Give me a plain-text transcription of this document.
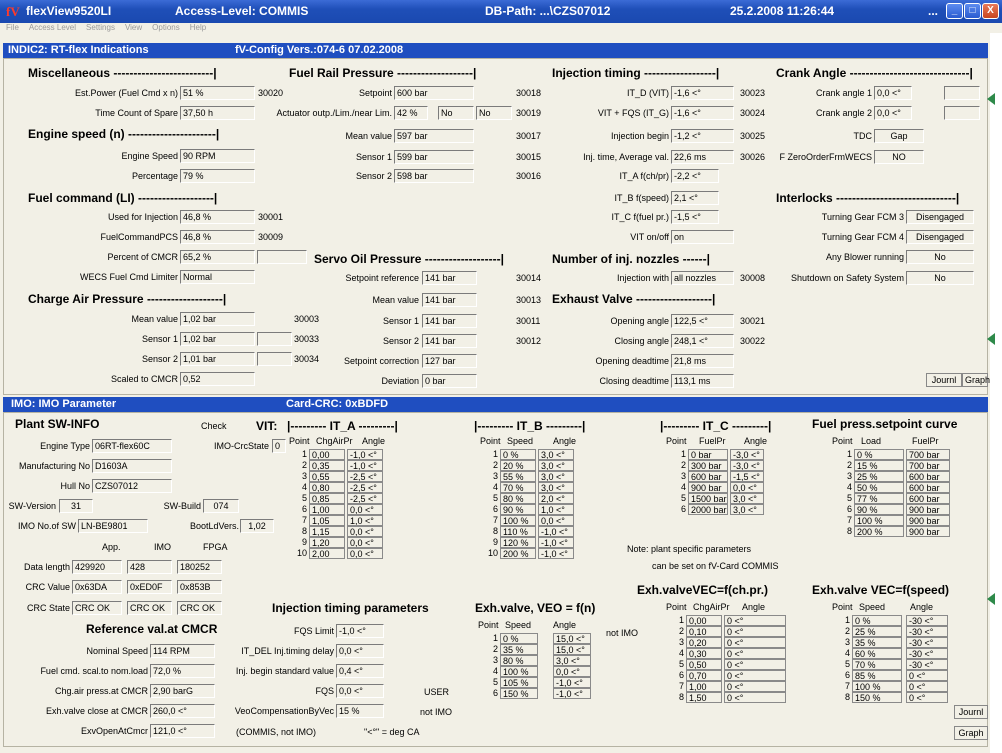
fV flexView9520LI	Access-Level: COMMIS	DB-Path: ...\CZS07012	25.2.2008 11:26:44	...	_	□	X
File Access Level Settings View Options Help
INDIC2: RT-flex Indications	fV-Config Vers.:074-6 07.02.2008
Miscellaneous -------------------------|
Est.Power (Fuel Cmd x n) 51 %	30020
Time Count of Spare 37,50 h
Engine speed (n) ----------------------|
Engine Speed 90 RPM
Percentage 79 %
Fuel command (LI) -------------------|
Used for Injection 46,8 %	30001
FuelCommandPCS 46,8 %	30009
Percent of CMCR 65,2 %
WECS Fuel Cmd Limiter Normal
Charge Air Pressure -------------------|
Mean value 1,02 bar	30003
Sensor 1 1,02 bar	30033
Sensor 2 1,01 bar	30034
Scaled to CMCR 0,52
Fuel Rail Pressure -------------------|
Setpoint 600 bar	30018
Actuator outp./Lim./near Lim. 42 %	No	No	30019
Mean value 597 bar	30017
Sensor 1 599 bar	30015
Sensor 2 598 bar	30016
Servo Oil Pressure -------------------|
Setpoint reference 141 bar	30014
Mean value 141 bar	30013
Sensor 1 141 bar	30011
Sensor 2 141 bar	30012
Setpoint correction 127 bar
Deviation 0 bar
Injection timing ------------------|
IT_D (VIT) -1,6 <°	30023
VIT + FQS (IT_G) -1,6 <°	30024
Injection begin -1,2 <°	30025
Inj. time, Average val. 22,6 ms	30026
IT_A f(ch/pr) -2,2 <°
IT_B f(speed) 2,1 <°
IT_C f(fuel pr.) -1,5 <°
VIT on/off on
Number of inj. nozzles ------|
Injection with all nozzles	30008
Exhaust Valve -------------------|
Opening angle 122,5 <°	30021
Closing angle 248,1 <°	30022
Opening deadtime 21,8 ms
Closing deadtime 113,1 ms
Crank Angle ------------------------------|
Crank angle 1 0,0 <°
Crank angle 2 0,0 <°
TDC	Gap
F ZeroOrderFrmWECS	NO
Interlocks ------------------------------|
Turning Gear FCM 3	Disengaged
Turning Gear FCM 4	Disengaged
Any Blower running	No
Shutdown on Safety System	No
Journl Graph
IMO: IMO Parameter	Card-CRC: 0xBDFD
Plant SW-INFO	Check
Engine Type 06RT-flex60C	IMO-CrcState 0
Manufacturing No D1603A
Hull No CZS07012
SW-Version	31	SW-Build	074
IMO No.of SW LN-BE9801	BootLdVers.	1,02
App.	IMO	FPGA
Data length 429920	428	180252
CRC Value 0x63DA	0xED0F	0x853B
CRC State CRC OK	CRC OK	CRC OK
Reference val.at CMCR
Nominal Speed 114 RPM
Fuel cmd. scal.to nom.load 72,0 %
Chg.air press.at CMCR 2,90 barG
Exh.valve close at CMCR 260,0 <°
ExvOpenAtCmcr 121,0 <°	(COMMIS, not IMO)	"<°" = deg CA
VIT: |--------- IT_A ---------|
Point ChgAirPr Angle
1 0,00	-1,0 <°
2 0,35	-1,0 <°
3 0,55	-2,5 <°
4 0,80	-2,5 <°
5 0,85	-2,5 <°
6 1,00	0,0 <°
7 1,05	1,0 <°
8 1,15	0,0 <°
9 1,20	0,0 <°
10 2,00	0,0 <°
|--------- IT_B ---------|
Point Speed Angle
1 0 %	3,0 <°
2 20 %	3,0 <°
3 55 %	3,0 <°
4 70 %	3,0 <°
5 80 %	2,0 <°
6 90 %	1,0 <°
7 100 %	0,0 <°
8 110 %	-1,0 <°
9 120 %	-1,0 <°
10 200 %	-1,0 <°
|--------- IT_C ---------|
Point FuelPr Angle
1 0 bar	-3,0 <°
2 300 bar	-3,0 <°
3 600 bar	-1,5 <°
4 900 bar	0,0 <°
5 1500 bar 3,0 <°
6 2000 bar 3,0 <°
Note: plant specific parameters
can be set on fV-Card COMMIS
Fuel press.setpoint curve
Point Load	FuelPr
1 0 %	700 bar
2 15 %	700 bar
3 25 %	600 bar
4 50 %	600 bar
5 77 %	600 bar
6 90 %	900 bar
7 100 %	900 bar
8 200 %	900 bar
Injection timing parameters
FQS Limit -1,0 <°
IT_DEL Inj.timing delay 0,0 <°
Inj. begin standard value 0,4 <°
FQS 0,0 <°	USER
VeoCompensationByVec 15 %	not IMO
Exh.valve, VEO = f(n)
not IMO
Point Speed Angle
1 0 %	15,0 <°
2 35 %	15,0 <°
3 80 %	3,0 <°
4 100 %	0,0 <°
5 105 %	-1,0 <°
6 150 %	-1,0 <°
Exh.valveVEC=f(ch.pr.)
Point ChgAirPr Angle
1 0,00	0 <°
2 0,10	0 <°
3 0,20	0 <°
4 0,30	0 <°
5 0,50	0 <°
6 0,70	0 <°
7 1,00	0 <°
8 1,50	0 <°
Exh.valve VEC=f(speed)
Point Speed	Angle
1 0 %	-30 <°
2 25 %	-30 <°
3 35 %	-30 <°
4 60 %	-30 <°
5 70 %	-30 <°
6 85 %	0 <°
7 100 %	0 <°
8 150 %	0 <°
Journl
Graph
